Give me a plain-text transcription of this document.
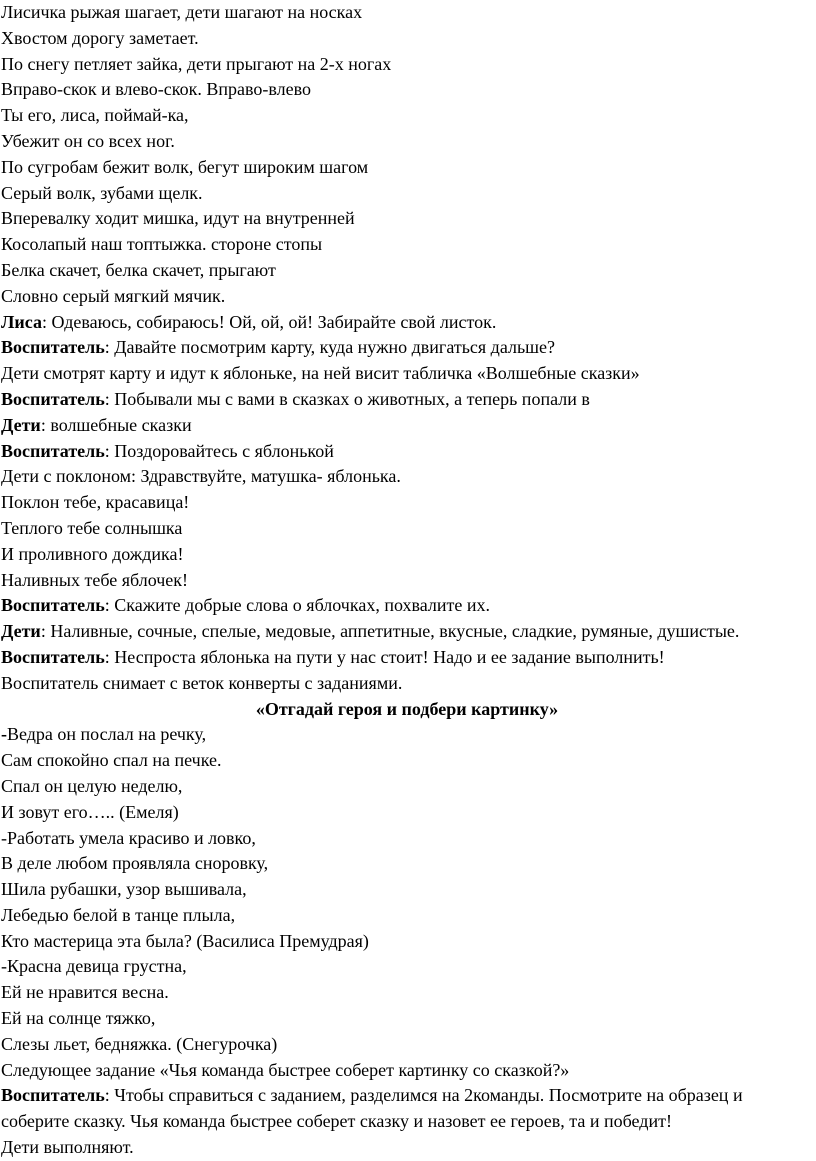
Лисичка рыжая шагает, дети шагают на носках
Хвостом дорогу заметает.
По снегу петляет зайка, дети прыгают на 2-х ногах
Вправо-скок и влево-скок. Вправо-влево
Ты его, лиса, поймай-ка,
Убежит он со всех ног.
По сугробам бежит волк, бегут широким шагом
Серый волк, зубами щелк.
Вперевалку ходит мишка, идут на внутренней
Косолапый наш топтыжка. стороне стопы
Белка скачет, белка скачет, прыгают
Словно серый мягкий мячик.
Лиса: Одеваюсь, собираюсь! Ой, ой, ой! Забирайте свой листок.
Воспитатель: Давайте посмотрим карту, куда нужно двигаться дальше?
Дети смотрят карту и идут к яблоньке, на ней висит табличка «Волшебные сказки»
Воспитатель: Побывали мы с вами в сказках о животных, а теперь попали в
Дети: волшебные сказки
Воспитатель: Поздоровайтесь с яблонькой
Дети с поклоном: Здравствуйте, матушка- яблонька.
Поклон тебе, красавица!
Теплого тебе солнышка
И проливного дождика!
Наливных тебе яблочек!
Воспитатель: Скажите добрые слова о яблочках, похвалите их.
Дети: Наливные, сочные, спелые, медовые, аппетитные, вкусные, сладкие, румяные, душистые.
Воспитатель: Неспроста яблонька на пути у нас стоит! Надо и ее задание выполнить!
Воспитатель снимает с веток конверты с заданиями.
«Отгадай героя и подбери картинку»
-Ведра он послал на речку,
Сам спокойно спал на печке.
Спал он целую неделю,
И зовут его….. (Емеля)
-Работать умела красиво и ловко,
В деле любом проявляла сноровку,
Шила рубашки, узор вышивала,
Лебедью белой в танце плыла,
Кто мастерица эта была? (Василиса Премудрая)
-Красна девица грустна,
Ей не нравится весна.
Ей на солнце тяжко,
Слезы льет, бедняжка. (Снегурочка)
Следующее задание «Чья команда быстрее соберет картинку со сказкой?»
Воспитатель: Чтобы справиться с заданием, разделимся на 2команды. Посмотрите на образец и соберите сказку. Чья команда быстрее соберет сказку и назовет ее героев, та и победит!
Дети выполняют.
